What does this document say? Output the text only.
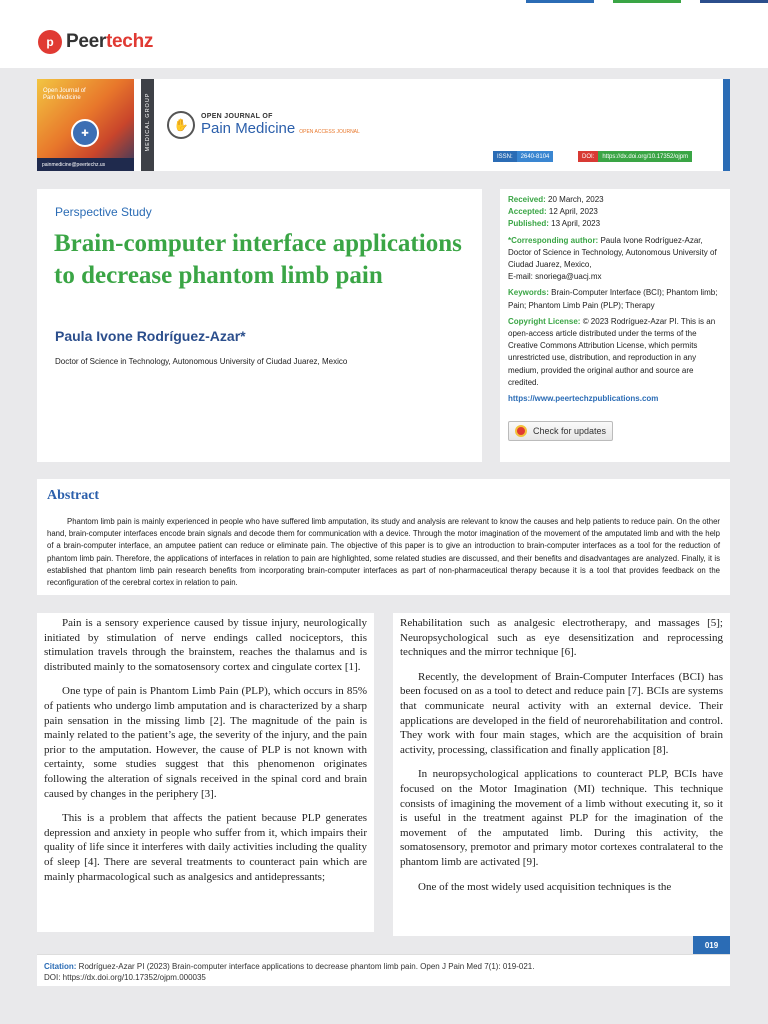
p Peertechz
Open Journal of
Pain Medicine
✚
painmedicine@peertechz.us
MEDICAL GROUP	✋
OPEN JOURNAL OF
Pain Medicine OPEN ACCESS JOURNAL
ISSN:	2640-8104	DOI:	https://dx.doi.org/10.17352/ojpm
Perspective Study
Brain-computer interface applications to decrease phantom limb pain
Paula Ivone Rodríguez-Azar*
Doctor of Science in Technology, Autonomous University of Ciudad Juarez, Mexico

Received: 20 March, 2023
Accepted: 12 April, 2023
Published: 13 April, 2023

*Corresponding author: Paula Ivone Rodríguez-Azar, Doctor of Science in Technology, Autonomous University of Ciudad Juarez, Mexico,
E-mail: snoriega@uacj.mx

Keywords: Brain-Computer Interface (BCI); Phantom limb; Pain; Phantom Limb Pain (PLP); Therapy

Copyright License: © 2023 Rodríguez-Azar PI. This is an open-access article distributed under the terms of the Creative Commons Attribution License, which permits unrestricted use, distribution, and reproduction in any medium, provided the original author and source are credited.

https://www.peertechzpublications.com

Check for updates
Abstract
Phantom limb pain is mainly experienced in people who have suffered limb amputation, its study and analysis are relevant to know the causes and help patients to reduce pain. On the other hand, brain-computer interfaces encode brain signals and decode them for communication with a device. Through the motor imagination of the movement of the amputated limb and with the help of a brain-computer interface, an amputee patient can reduce or eliminate pain. The objective of this paper is to give an introduction to brain-computer interfaces as a tool for the reduction of phantom limb pain. Therefore, the applications of interfaces in relation to pain are highlighted, some related studies are discussed, and their benefits and disadvantages are analyzed. Finally, it is established that phantom limb pain research benefits from incorporating brain-computer interfaces as part of non-pharmaceutical therapy because it is a tool that provides feedback on the reconfiguration of the cerebral cortex in relation to pain.

Pain is a sensory experience caused by tissue injury, neurologically initiated by stimulation of nerve endings called nociceptors, this stimulation travels through the brainstem, reaches the thalamus and is distributed mainly to the somatosensory cortex and cingulate cortex [1].

One type of pain is Phantom Limb Pain (PLP), which occurs in 85% of patients who undergo limb amputation and is characterized by a sharp pain sensation in the missing limb [2]. The magnitude of the pain is mainly related to the patient’s age, the severity of the injury, and the pain prior to the amputation. However, the cause of PLP is not known with certainty, some studies suggest that this phenomenon originates following the alteration of signals received in the spinal cord and brain caused by changes in the periphery [3].

This is a problem that affects the patient because PLP generates depression and anxiety in people who suffer from it, which impairs their quality of life since it interferes with daily activities including the quality of sleep [4]. There are several treatments to counteract pain which are mainly pharmacological such as analgesics and antidepressants;

Rehabilitation such as analgesic electrotherapy, and massages [5]; Neuropsychological such as eye desensitization and reprocessing techniques and the mirror technique [6].

Recently, the development of Brain-Computer Interfaces (BCI) has been focused on as a tool to detect and reduce pain [7]. BCIs are systems that communicate neural activity with an external device. Their applications are developed in the field of neurorehabilitation and control. They work with four main stages, which are the acquisition of brain activity, processing, classification and finally application [8].

In neuropsychological applications to counteract PLP, BCIs have focused on the Motor Imagination (MI) technique. This technique consists of imagining the movement of a limb without executing it, so it is useful in the treatment against PLP for the imagination of the movement of the amputated limb. During this activity, the somatosensory, premotor and primary motor cortexes contralateral to the phantom limb are activated [9].

One of the most widely used acquisition techniques is the

019
Citation: Rodríguez-Azar PI (2023) Brain-computer interface applications to decrease phantom limb pain. Open J Pain Med 7(1): 019-021.
DOI: https://dx.doi.org/10.17352/ojpm.000035
